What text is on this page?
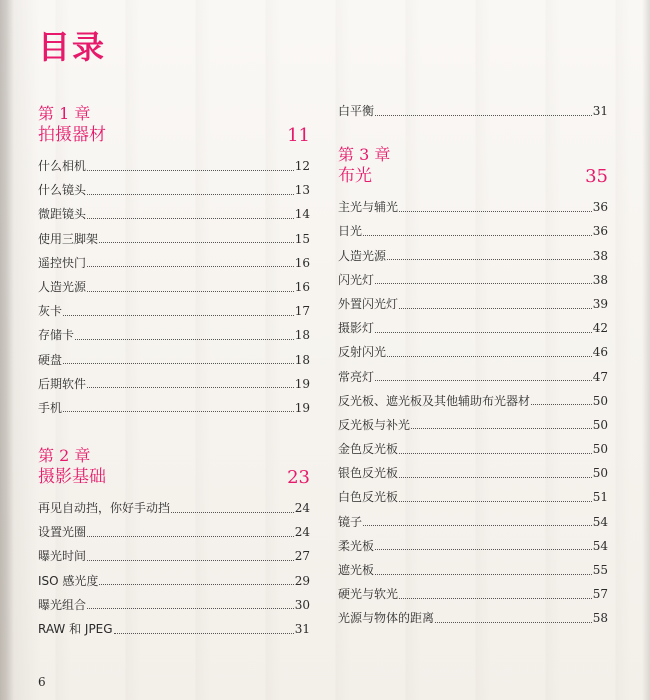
目录
第 1 章
拍摄器材	11
什么相机	12
什么镜头	13
微距镜头	14
使用三脚架	15
遥控快门	16
人造光源	16
灰卡	17
存储卡	18
硬盘	18
后期软件	19
手机	19
第 2 章
摄影基础	23
再见自动挡，你好手动挡	24
设置光圈	24
曝光时间	27
ISO 感光度	29
曝光组合	30
RAW 和 JPEG	31
白平衡	31
第 3 章
布光	35
主光与辅光	36
日光	36
人造光源	38
闪光灯	38
外置闪光灯	39
摄影灯	42
反射闪光	46
常亮灯	47
反光板、遮光板及其他辅助布光器材	50
反光板与补光	50
金色反光板	50
银色反光板	50
白色反光板	51
镜子	54
柔光板	54
遮光板	55
硬光与软光	57
光源与物体的距离	58
6
